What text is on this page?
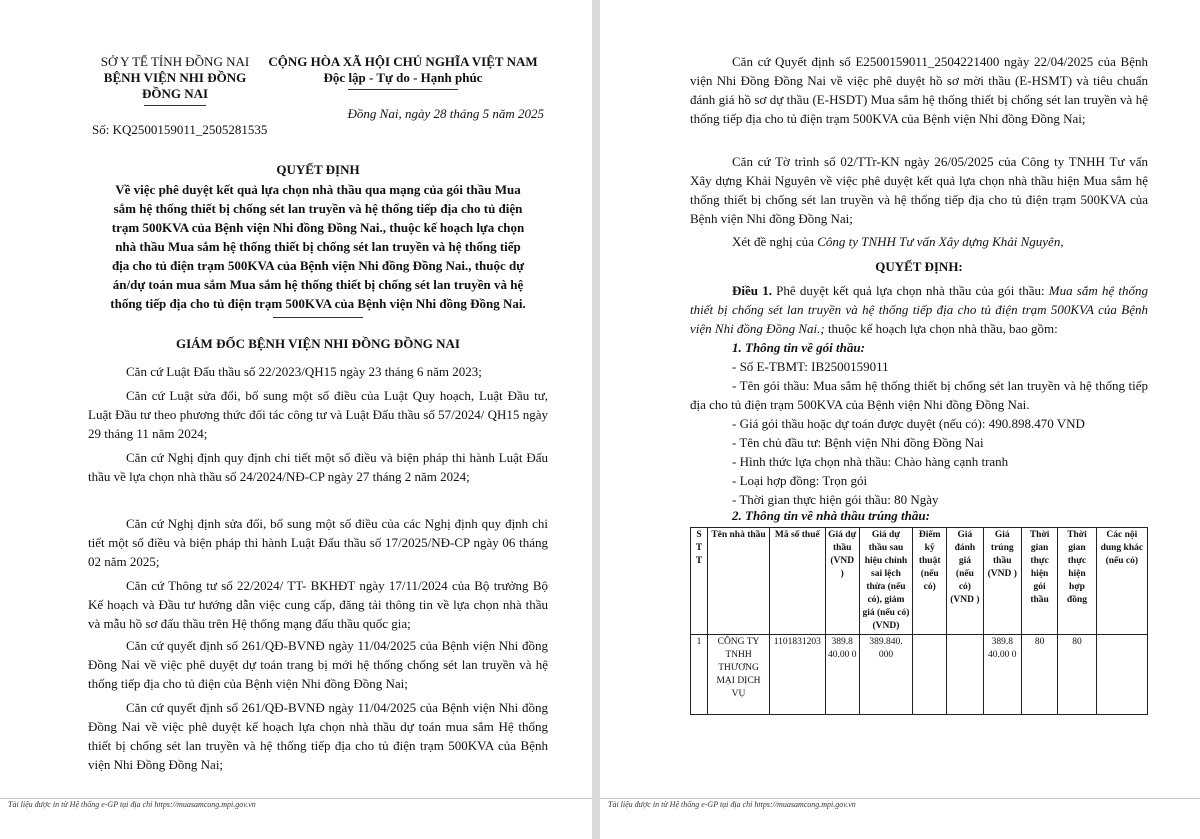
SỞ Y TẾ TỈNH ĐỒNG NAI
BỆNH VIỆN NHI ĐỒNG
ĐỒNG NAI
Số: KQ2500159011_2505281535
CỘNG HÒA XÃ HỘI CHỦ NGHĨA VIỆT NAM
Độc lập - Tự do - Hạnh phúc
Đồng Nai, ngày 28 tháng 5 năm 2025
QUYẾT ĐỊNH
Về việc phê duyệt kết quả lựa chọn nhà thầu qua mạng của gói thầu Mua
sắm hệ thống thiết bị chống sét lan truyền và hệ thống tiếp địa cho tủ điện
trạm 500KVA của Bệnh viện Nhi đồng Đồng Nai., thuộc kế hoạch lựa chọn
nhà thầu Mua sắm hệ thống thiết bị chống sét lan truyền và hệ thống tiếp
địa cho tủ điện trạm 500KVA của Bệnh viện Nhi đồng Đồng Nai., thuộc dự
án/dự toán mua sắm Mua sắm hệ thống thiết bị chống sét lan truyền và hệ
thống tiếp địa cho tủ điện trạm 500KVA của Bệnh viện Nhi đồng Đồng Nai.
GIÁM ĐỐC BỆNH VIỆN NHI ĐỒNG ĐỒNG NAI
Căn cứ Luật Đấu thầu số 22/2023/QH15 ngày 23 tháng 6 năm 2023;
Căn cứ Luật sửa đổi, bổ sung một số điều của Luật Quy hoạch, Luật Đầu tư, Luật Đầu tư theo phương thức đối tác công tư và Luật Đấu thầu số 57/2024/ QH15 ngày 29 tháng 11 năm 2024;
Căn cứ Nghị định quy định chi tiết một số điều và biện pháp thi hành Luật Đấu thầu về lựa chọn nhà thầu số 24/2024/NĐ-CP ngày 27 tháng 2 năm 2024;
Căn cứ Nghị định sửa đổi, bổ sung một số điều của các Nghị định quy định chi tiết một số điều và biện pháp thi hành Luật Đấu thầu số 17/2025/NĐ-CP ngày 06 tháng 02 năm 2025;
Căn cứ Thông tư số 22/2024/ TT- BKHĐT ngày 17/11/2024 của Bộ trưởng Bộ Kế hoạch và Đầu tư hướng dẫn việc cung cấp, đăng tải thông tin về lựa chọn nhà thầu và mẫu hồ sơ đấu thầu trên Hệ thống mạng đấu thầu quốc gia;
Căn cứ quyết định số 261/QĐ-BVNĐ ngày 11/04/2025 của Bệnh viện Nhi đồng Đồng Nai về việc phê duyệt dự toán trang bị mới hệ thống chống sét lan truyền và hệ thống tiếp địa cho tủ điện của Bệnh viện Nhi đồng Đồng Nai;
Căn cứ quyết định số 261/QĐ-BVNĐ ngày 11/04/2025 của Bệnh viện Nhi đồng Đồng Nai về việc phê duyệt kế hoạch lựa chọn nhà thầu dự toán mua sắm Hệ thống thiết bị chống sét lan truyền và hệ thống tiếp địa cho tủ điện trạm 500KVA của Bệnh viện Nhi Đồng Đồng Nai;
Tài liệu được in từ Hệ thống e-GP tại địa chỉ https://muasamcong.mpi.gov.vn
Căn cứ Quyết định số E2500159011_2504221400 ngày 22/04/2025 của Bệnh viện Nhi Đồng Đồng Nai về việc phê duyệt hồ sơ mời thầu (E-HSMT) và tiêu chuẩn đánh giá hồ sơ dự thầu (E-HSDT) Mua sắm hệ thống thiết bị chống sét lan truyền và hệ thống tiếp địa cho tủ điện trạm 500KVA của Bệnh viện Nhi đồng Đồng Nai;
Căn cứ Tờ trình số 02/TTr-KN ngày 26/05/2025 của Công ty TNHH Tư vấn Xây dựng Khải Nguyên về việc phê duyệt kết quả lựa chọn nhà thầu hiện Mua sắm hệ thống thiết bị chống sét lan truyền và hệ thống tiếp địa cho tủ điện trạm 500KVA của Bệnh viện Nhi đồng Đồng Nai;
Xét đề nghị của Công ty TNHH Tư vấn Xây dựng Khải Nguyên,
QUYẾT ĐỊNH:
Điều 1. Phê duyệt kết quả lựa chọn nhà thầu của gói thầu: Mua sắm hệ thống thiết bị chống sét lan truyền và hệ thống tiếp địa cho tủ điện trạm 500KVA của Bệnh viện Nhi đồng Đồng Nai.; thuộc kế hoạch lựa chọn nhà thầu, bao gồm:
1. Thông tin về gói thầu:
- Số E-TBMT: IB2500159011
- Tên gói thầu: Mua sắm hệ thống thiết bị chống sét lan truyền và hệ thống tiếp địa cho tủ điện trạm 500KVA của Bệnh viện Nhi đồng Đồng Nai.
- Giá gói thầu hoặc dự toán được duyệt (nếu có): 490.898.470 VND
- Tên chủ đầu tư: Bệnh viện Nhi đồng Đồng Nai
- Hình thức lựa chọn nhà thầu: Chào hàng cạnh tranh
- Loại hợp đồng: Trọn gói
- Thời gian thực hiện gói thầu: 80 Ngày
2. Thông tin về nhà thầu trúng thầu:
S T T	Tên nhà thầu	Mã số thuế	Giá dự thầu (VND )	Giá dự thầu sau hiệu chỉnh sai lệch thừa (nếu có), giảm giá (nếu có) (VND)	Điểm kỹ thuật (nếu có)	Giá đánh giá (nếu có) (VND )	Giá trúng thầu (VND )	Thời gian thực hiện gói thầu	Thời gian thực hiện hợp đồng	Các nội dung khác (nếu có)
1	CÔNG TY TNHH THƯƠNG MẠI DỊCH VỤ	1101831203	389.8 40.00 0	389.840. 000			389.8 40.00 0	80	80	
Tài liệu được in từ Hệ thống e-GP tại địa chỉ https://muasamcong.mpi.gov.vn
